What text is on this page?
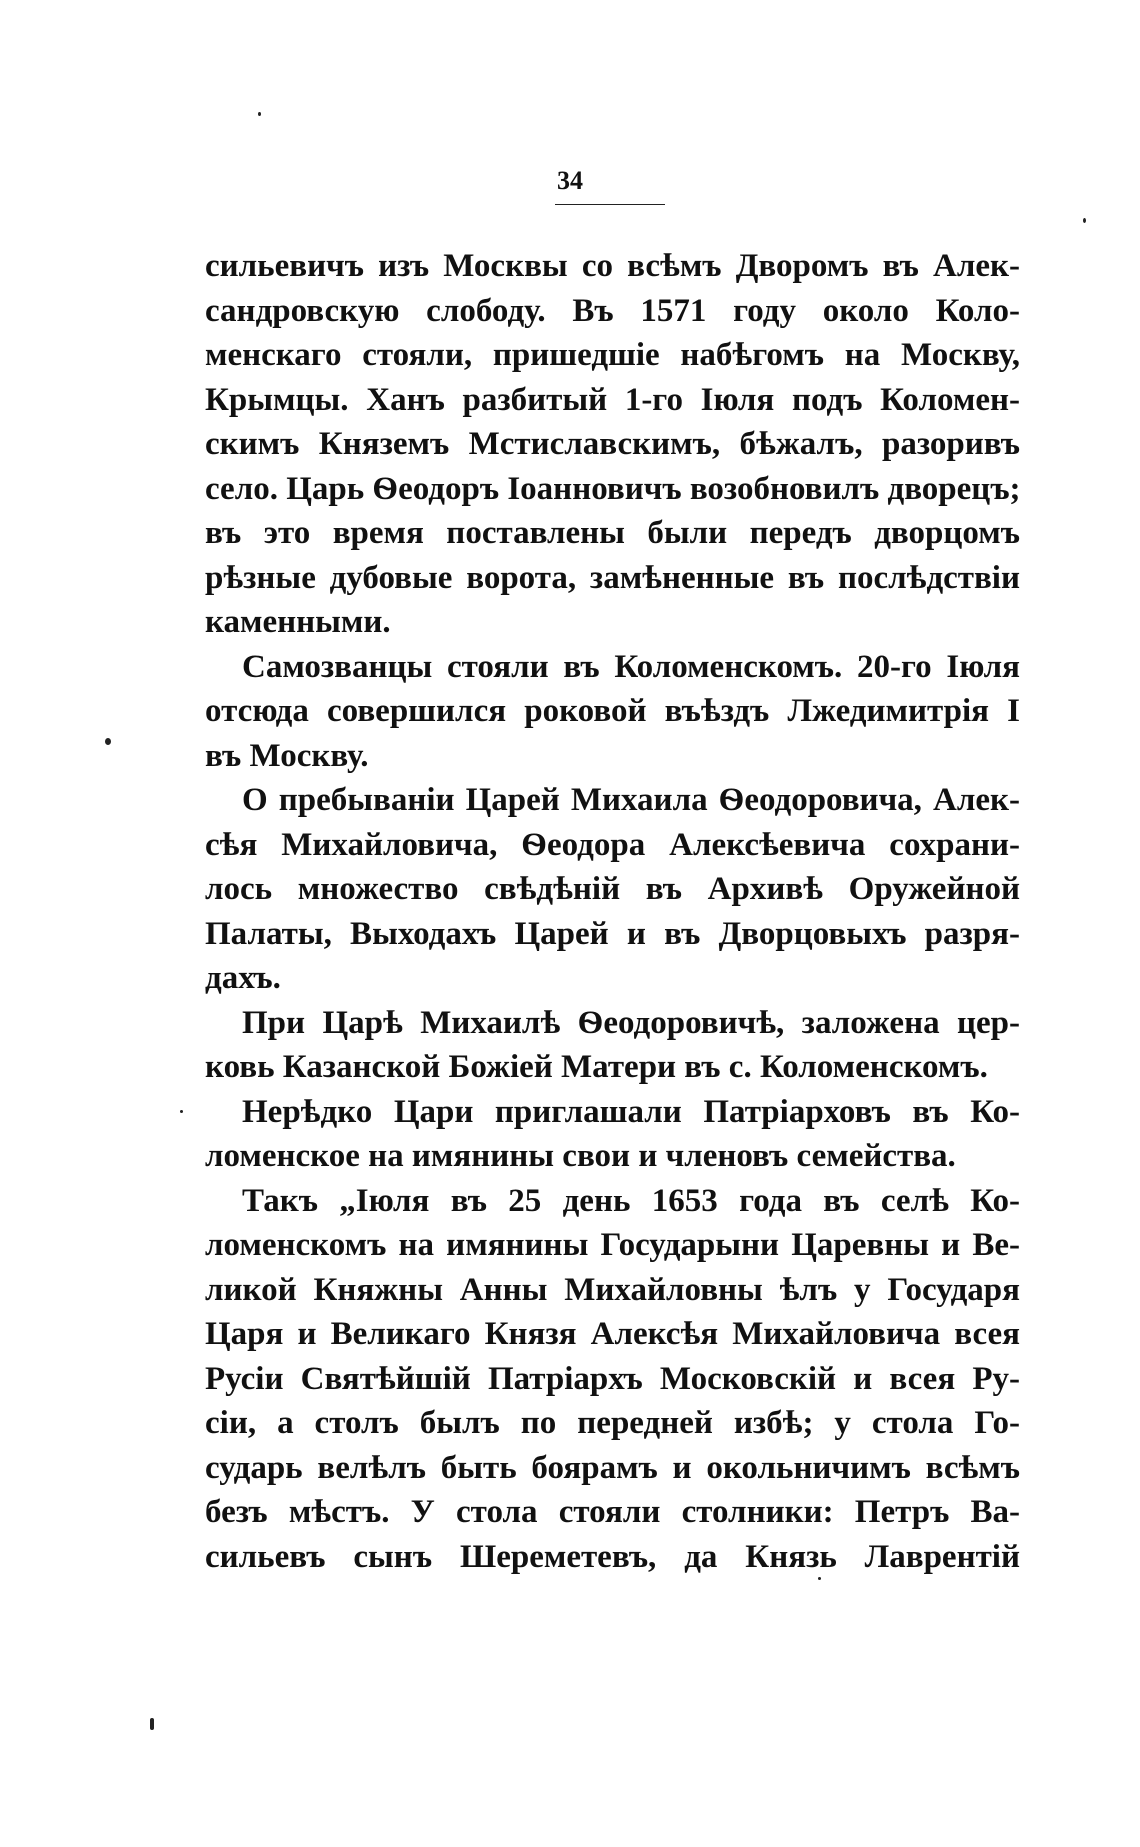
34
сильевичъ изъ Москвы со всѣмъ Дворомъ въ Алек-
сандровскую слободу. Въ 1571 году около Коло-
менскаго стояли, пришедшіе набѣгомъ на Москву,
Крымцы. Ханъ разбитый 1-го Іюля подъ Коломен-
скимъ Княземъ Мстиславскимъ, бѣжалъ, разоривъ
село. Царь Ѳеодоръ Іоанновичъ возобновилъ дворецъ;
въ это время поставлены были передъ дворцомъ
рѣзные дубовые ворота, замѣненные въ послѣдствіи
каменными.
Самозванцы стояли въ Коломенскомъ. 20-го Іюля
отсюда совершился роковой въѣздъ Лжедимитрія I
въ Москву.
О пребываніи Царей Михаила Ѳеодоровича, Алек-
сѣя Михайловича, Ѳеодора Алексѣевича сохрани-
лось множество свѣдѣній въ Архивѣ Оружейной
Палаты, Выходахъ Царей и въ Дворцовыхъ разря-
дахъ.
При Царѣ Михаилѣ Ѳеодоровичѣ, заложена цер-
ковь Казанской Божіей Матери въ с. Коломенскомъ.
Нерѣдко Цари приглашали Патріарховъ въ Ко-
ломенское на имянины свои и членовъ семейства.
Такъ „Іюля въ 25 день 1653 года въ селѣ Ко-
ломенскомъ на имянины Государыни Царевны и Ве-
ликой Княжны Анны Михайловны ѣлъ у Государя
Царя и Великаго Князя Алексѣя Михайловича всея
Русіи Святѣйшій Патріархъ Московскій и всея Ру-
сіи, а столъ былъ по передней избѣ; у стола Го-
сударь велѣлъ быть боярамъ и окольничимъ всѣмъ
безъ мѣстъ. У стола стояли столники: Петръ Ва-
сильевъ сынъ Шереметевъ, да Князь Лаврентій
